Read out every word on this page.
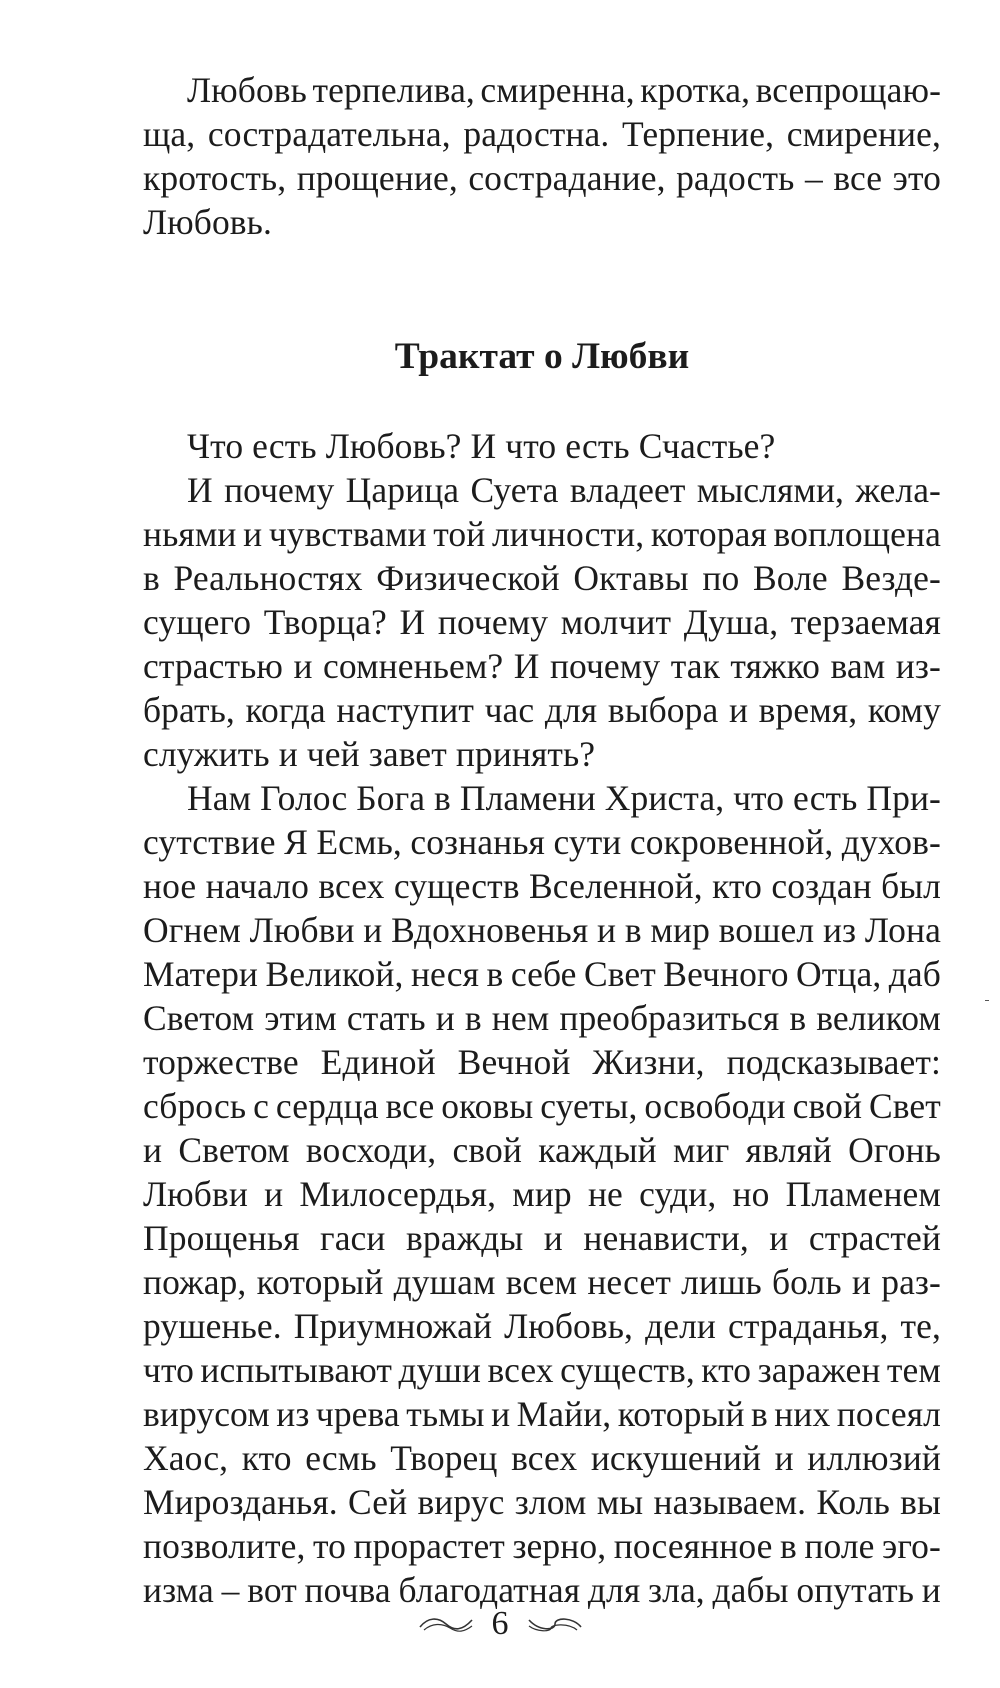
Любовь терпелива, смиренна, кротка, всепрощаю-
ща, сострадательна, радостна. Терпение, смирение,
кротость, прощение, сострадание, радость – все это
Любовь.
Трактат о Любви
Что есть Любовь? И что есть Счастье?
И почему Царица Суета владеет мыслями, жела-
ньями и чувствами той личности, которая воплощена
в Реальностях Физической Октавы по Воле Везде-
сущего Творца? И почему молчит Душа, терзаемая
страстью и сомненьем? И почему так тяжко вам из-
брать, когда наступит час для выбора и время, кому
служить и чей завет принять?
Нам Голос Бога в Пламени Христа, что есть При-
сутствие Я Есмь, сознанья сути сокровенной, духов-
ное начало всех существ Вселенной, кто создан был
Огнем Любви и Вдохновенья и в мир вошел из Лона
Матери Великой, неся в себе Свет Вечного Отца, даб
Светом этим стать и в нем преобразиться в великом
торжестве Единой Вечной Жизни, подсказывает:
сбрось с сердца все оковы суеты, освободи свой Свет
и Светом восходи, свой каждый миг являй Огонь
Любви и Милосердья, мир не суди, но Пламенем
Прощенья гаси вражды и ненависти, и страстей
пожар, который душам всем несет лишь боль и раз-
рушенье. Приумножай Любовь, дели страданья, те,
что испытывают души всех существ, кто заражен тем
вирусом из чрева тьмы и Майи, который в них посеял
Хаос, кто есмь Творец всех искушений и иллюзий
Мирозданья. Сей вирус злом мы называем. Коль вы
позволите, то прорастет зерно, посеянное в поле эго-
изма – вот почва благодатная для зла, дабы опутать и
6
